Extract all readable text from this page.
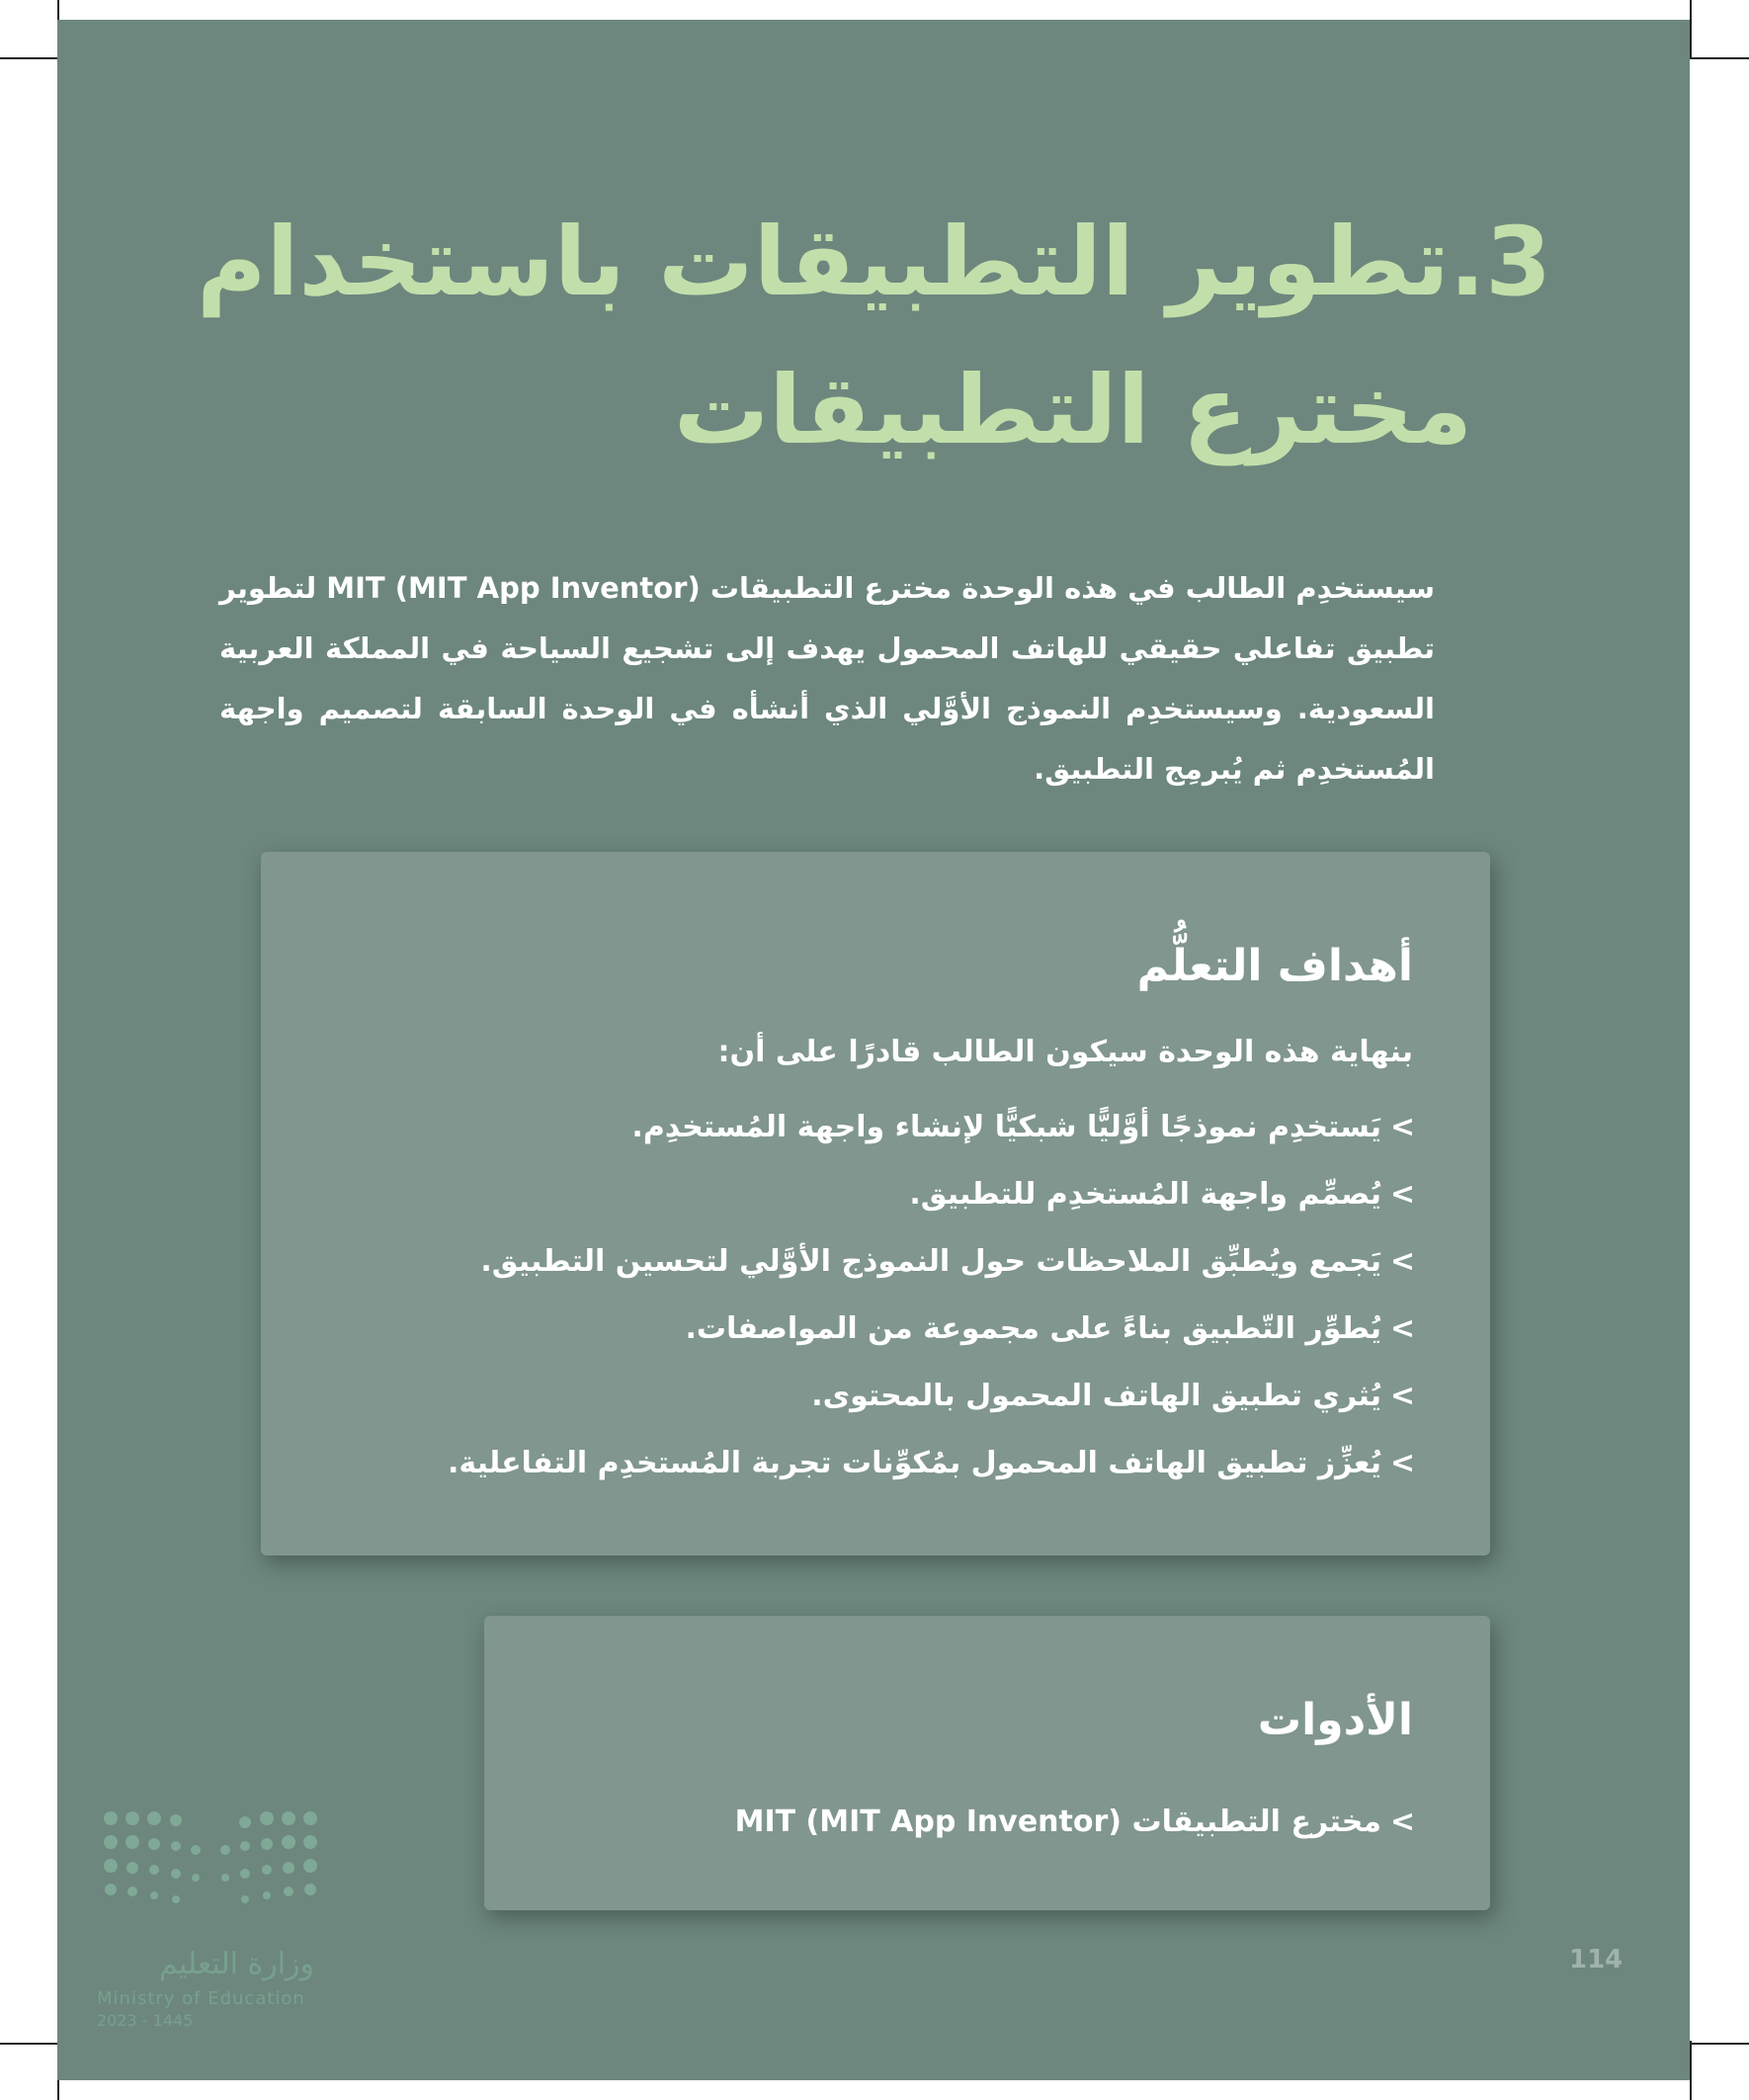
3.تطوير التطبيقات باستخدام
مخترع التطبيقات

سيستخدِم الطالب في هذه الوحدة مخترع التطبيقات MIT (MIT App Inventor) لتطوير تطبيق تفاعلي حقيقي للهاتف المحمول يهدف إلى تشجيع السياحة في المملكة العربية السعودية. وسيستخدِم النموذج الأوَّلي الذي أنشأه في الوحدة السابقة لتصميم واجهة المُستخدِم ثم يُبرمِج التطبيق.

أهداف التعلُّم
بنهاية هذه الوحدة سيكون الطالب قادرًا على أن:
>يَستخدِم نموذجًا أوَّليًّا شبكيًّا لإنشاء واجهة المُستخدِم.
>يُصمِّم واجهة المُستخدِم للتطبيق.
>يَجمع ويُطبِّق الملاحظات حول النموذج الأوَّلي لتحسين التطبيق.
>يُطوِّر التّطبيق بناءً على مجموعة من المواصفات.
>يُثري تطبيق الهاتف المحمول بالمحتوى.
>يُعزِّز تطبيق الهاتف المحمول بمُكوِّنات تجربة المُستخدِم التفاعلية.
الأدوات
>مخترع التطبيقات MIT (MIT App Inventor)
وزارة التعليم
Ministry of Education
2023 - 1445
114
